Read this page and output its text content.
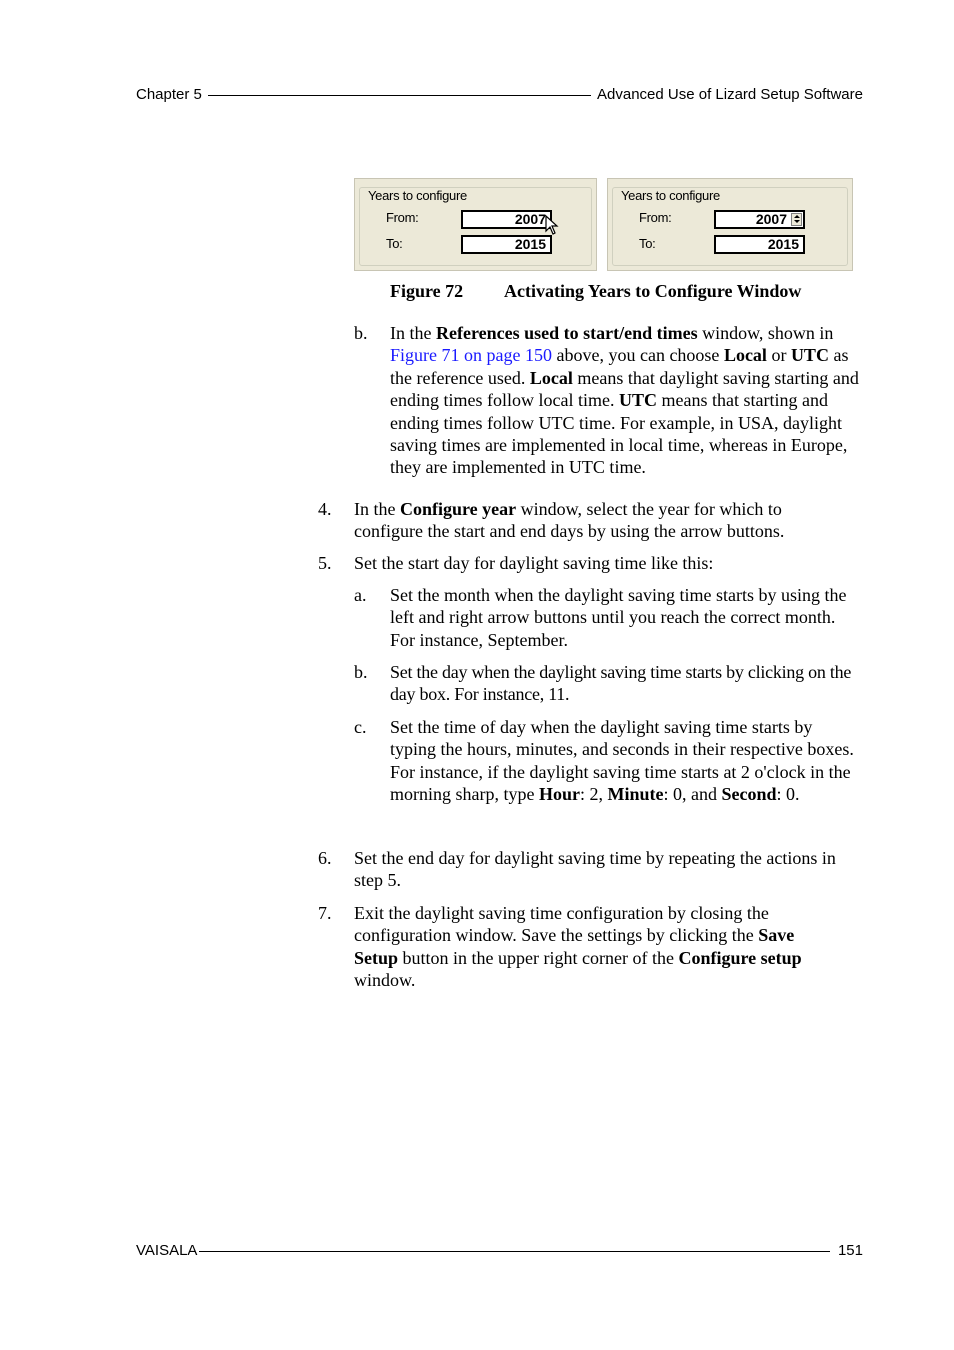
Chapter 5	Advanced Use of Lizard Setup Software
Years to configure
From:	2007
To:	2015
Years to configure
From:	2007
To:	2015
Figure 72 Activating Years to Configure Window
b. In the References used to start/end times window, shown in Figure 71 on page 150 above, you can choose Local or UTC as the reference used. Local means that daylight saving starting and ending times follow local time. UTC means that starting and ending times follow UTC time. For example, in USA, daylight saving times are implemented in local time, whereas in Europe, they are implemented in UTC time.
4. In the Configure year window, select the year for which to configure the start and end days by using the arrow buttons.
5. Set the start day for daylight saving time like this:
a. Set the month when the daylight saving time starts by using the left and right arrow buttons until you reach the correct month. For instance, September.
b. Set the day when the daylight saving time starts by clicking on the day box. For instance, 11.
c. Set the time of day when the daylight saving time starts by typing the hours, minutes, and seconds in their respective boxes. For instance, if the daylight saving time starts at 2 o'clock in the morning sharp, type Hour: 2, Minute: 0, and Second: 0.
6. Set the end day for daylight saving time by repeating the actions in step 5.
7. Exit the daylight saving time configuration by closing the configuration window. Save the settings by clicking the Save Setup button in the upper right corner of the Configure setup window.
VAISALA	151
